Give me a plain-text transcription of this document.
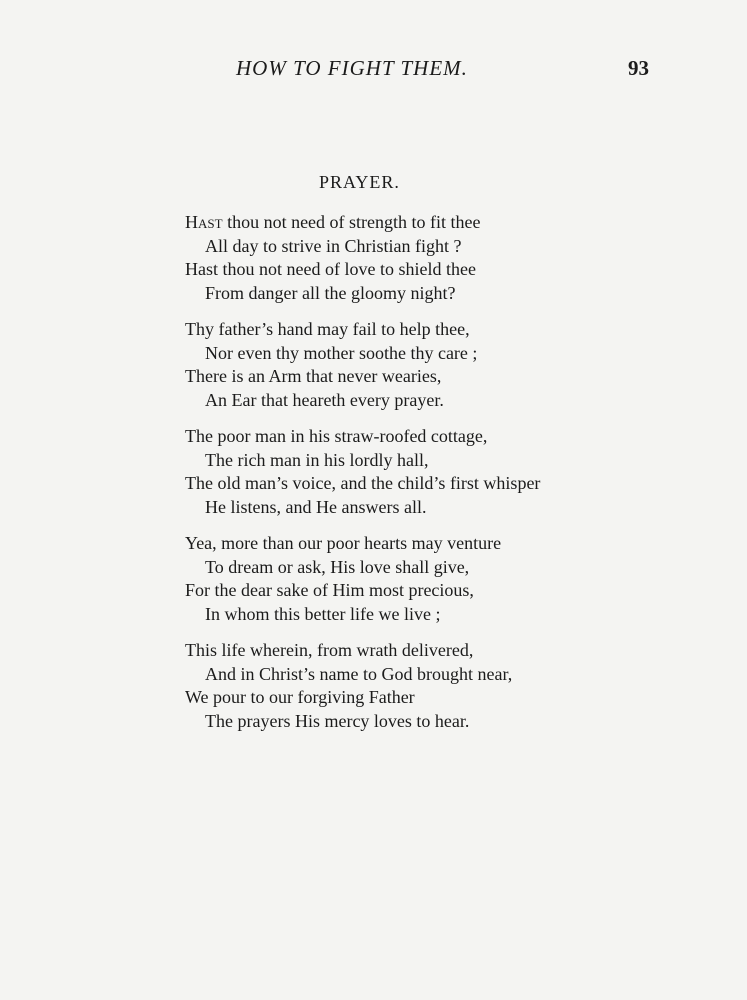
HOW TO FIGHT THEM.	93
PRAYER.
Hast thou not need of strength to fit thee
All day to strive in Christian fight ?
Hast thou not need of love to shield thee
From danger all the gloomy night?
Thy father’s hand may fail to help thee,
Nor even thy mother soothe thy care ;
There is an Arm that never wearies,
An Ear that heareth every prayer.
The poor man in his straw-roofed cottage,
The rich man in his lordly hall,
The old man’s voice, and the child’s first whisper
He listens, and He answers all.
Yea, more than our poor hearts may venture
To dream or ask, His love shall give,
For the dear sake of Him most precious,
In whom this better life we live ;
This life wherein, from wrath delivered,
And in Christ’s name to God brought near,
We pour to our forgiving Father
The prayers His mercy loves to hear.
